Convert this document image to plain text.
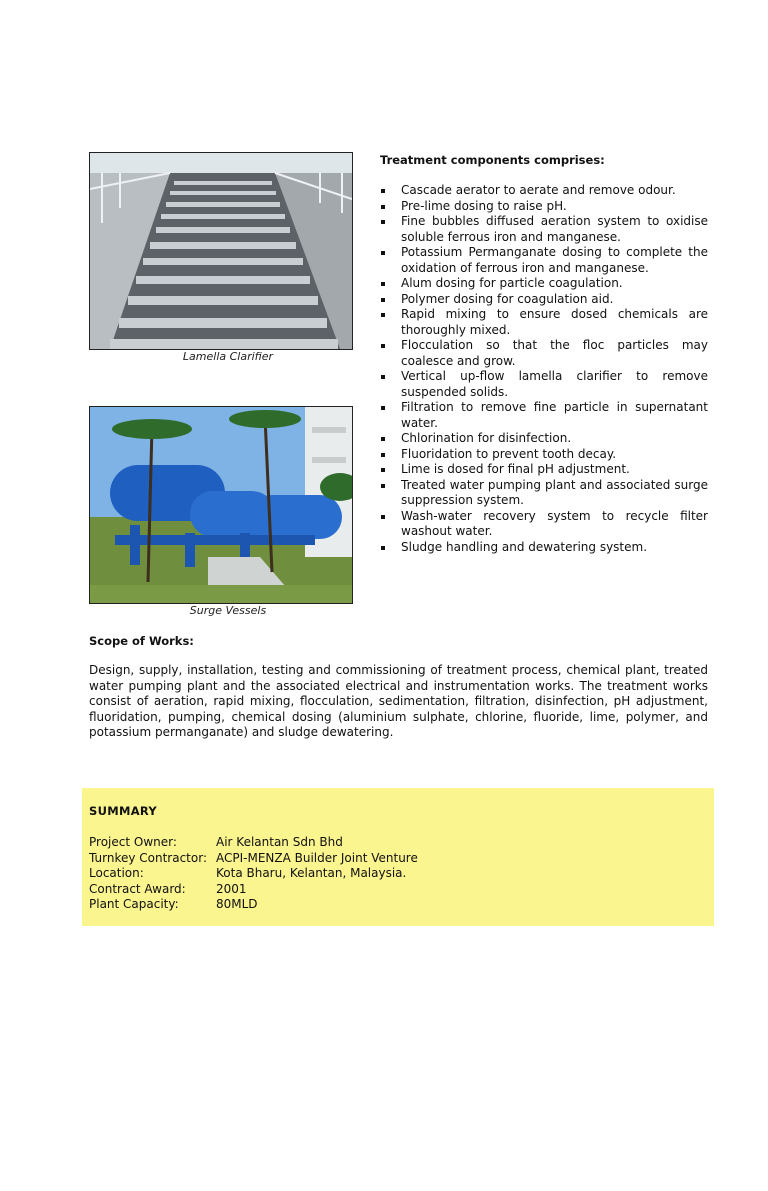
Lamella Clarifier
Surge Vessels
Treatment components comprises:
Cascade aerator to aerate and remove odour.
Pre-lime dosing to raise pH.
Fine bubbles diffused aeration system to oxidise soluble ferrous iron and manganese.
Potassium Permanganate dosing to complete the oxidation of ferrous iron and manganese.
Alum dosing for particle coagulation.
Polymer dosing for coagulation aid.
Rapid mixing to ensure dosed chemicals are thoroughly mixed.
Flocculation so that the floc particles may coalesce and grow.
Vertical up-flow lamella clarifier to remove suspended solids.
Filtration to remove fine particle in supernatant water.
Chlorination for disinfection.
Fluoridation to prevent tooth decay.
Lime is dosed for final pH adjustment.
Treated water pumping plant and associated surge suppression system.
Wash-water recovery system to recycle filter washout water.
Sludge handling and dewatering system.
Scope of Works:

Design, supply, installation, testing and commissioning of treatment process, chemical plant, treated water pumping plant and the associated electrical and instrumentation works. The treatment works consist of aeration, rapid mixing, flocculation, sedimentation, filtration, disinfection, pH adjustment, fluoridation, pumping, chemical dosing (aluminium sulphate, chlorine, fluoride, lime, polymer, and potassium permanganate) and sludge dewatering.

SUMMARY
Project Owner:	Air Kelantan Sdn Bhd
Turnkey Contractor: ACPI-MENZA Builder Joint Venture
Location:	Kota Bharu, Kelantan, Malaysia.
Contract Award:	2001
Plant Capacity:	80MLD
